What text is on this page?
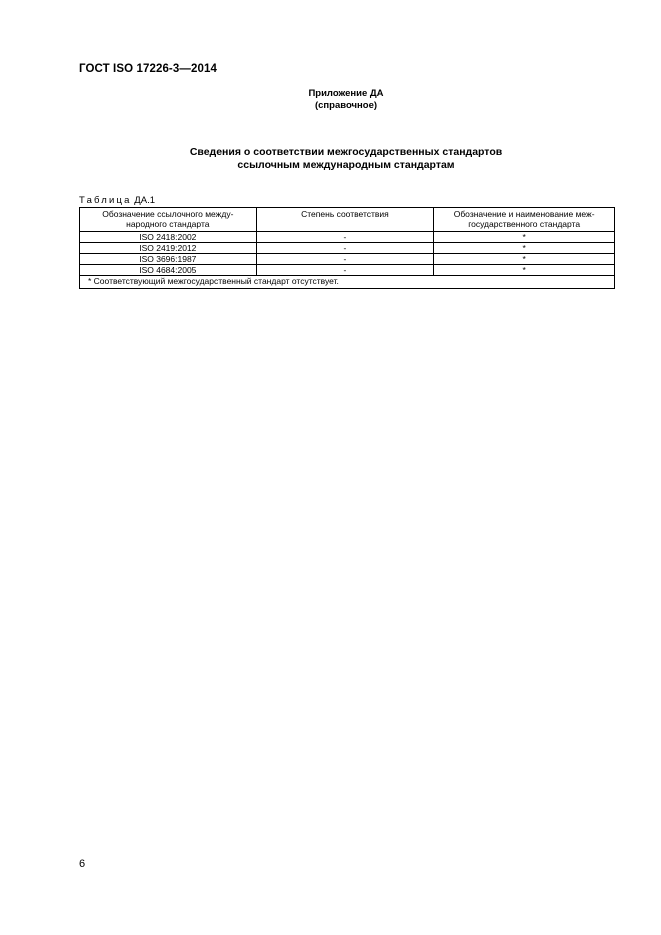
ГОСТ ISO 17226-3—2014
Приложение ДА
(справочное)
Сведения о соответствии межгосударственных стандартов
ссылочным международным стандартам
Таблица ДА.1
Обозначение ссылочного между-народного стандарта	Степень соответствия	Обозначение и наименование меж-государственного стандарта
ISO 2418:2002	-	*
ISO 2419:2012	-	*
ISO 3696:1987	-	*
ISO 4684:2005	-	*
* Соответствующий межгосударственный стандарт отсутствует.		
6
